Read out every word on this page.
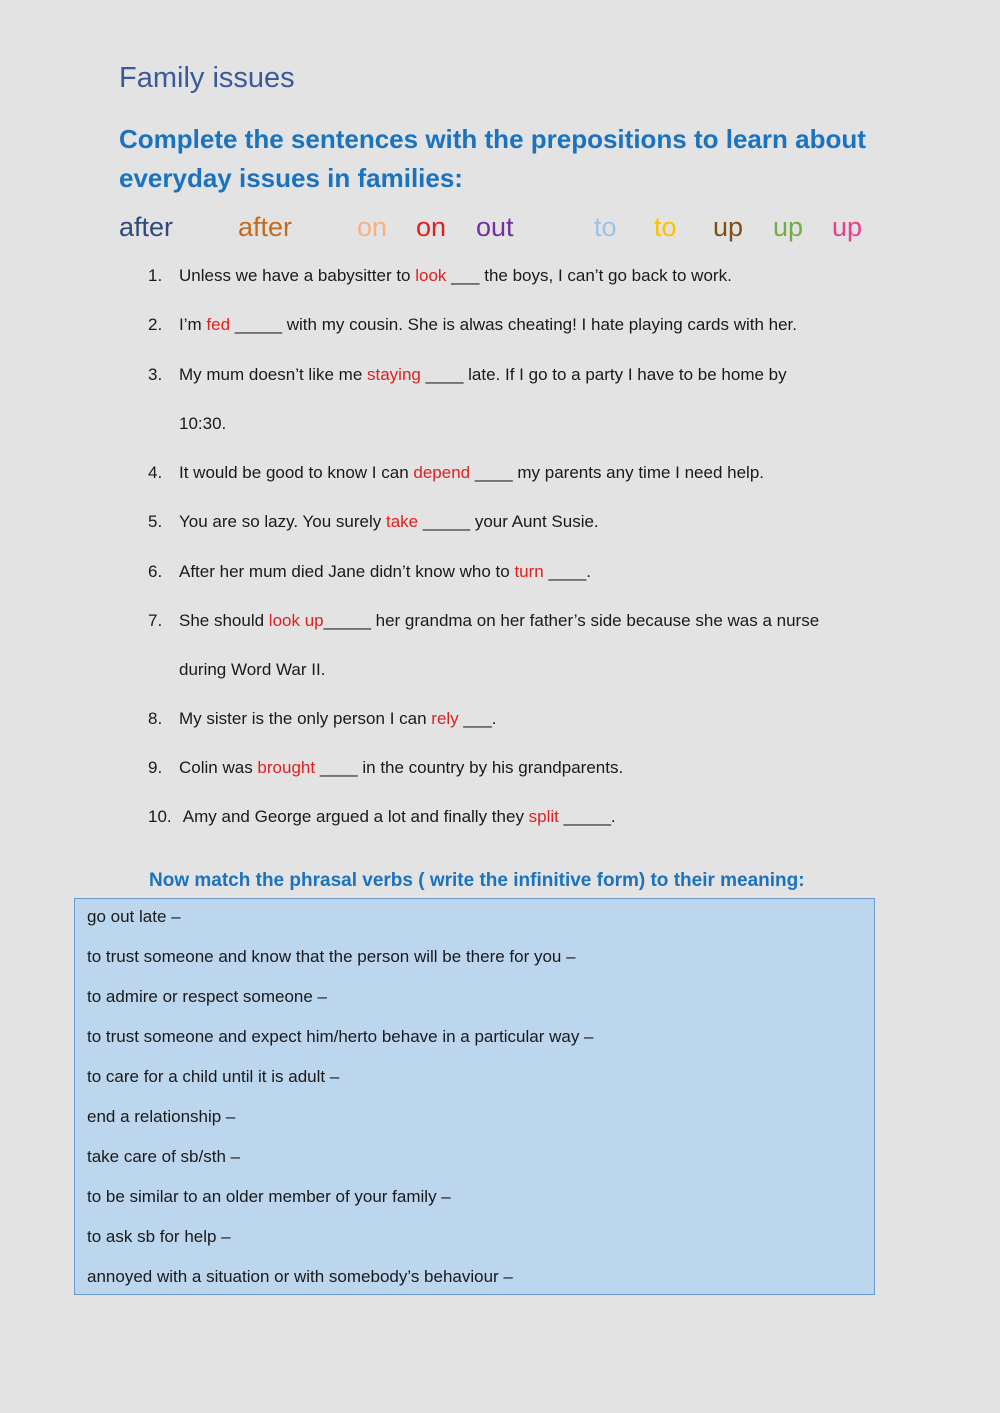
Family issues
Complete the sentences with the prepositions to learn about everyday issues in families:
after after on on out	to to up up up
1. Unless we have a babysitter to look ___ the boys, I can’t go back to work.
2. I’m fed _____ with my cousin. She is alwas cheating! I hate playing cards with her.
3. My mum doesn’t like me staying ____ late. If I go to a party I have to be home by
10:30.
4. It would be good to know I can depend ____ my parents any time I need help.
5. You are so lazy. You surely take _____ your Aunt Susie.
6. After her mum died Jane didn’t know who to turn ____.
7. She should look up_____ her grandma on her father’s side because she was a nurse
during Word War II.
8. My sister is the only person I can rely ___.
9. Colin was brought ____ in the country by his grandparents.
10. Amy and George argued a lot and finally they split _____.
Now match the phrasal verbs ( write the infinitive form) to their meaning:
go out late –
to trust someone and know that the person will be there for you –
to admire or respect someone –
to trust someone and expect him/herto behave in a particular way –
to care for a child until it is adult –
end a relationship –
take care of sb/sth –
to be similar to an older member of your family –
to ask sb for help –
annoyed with a situation or with somebody’s behaviour –
